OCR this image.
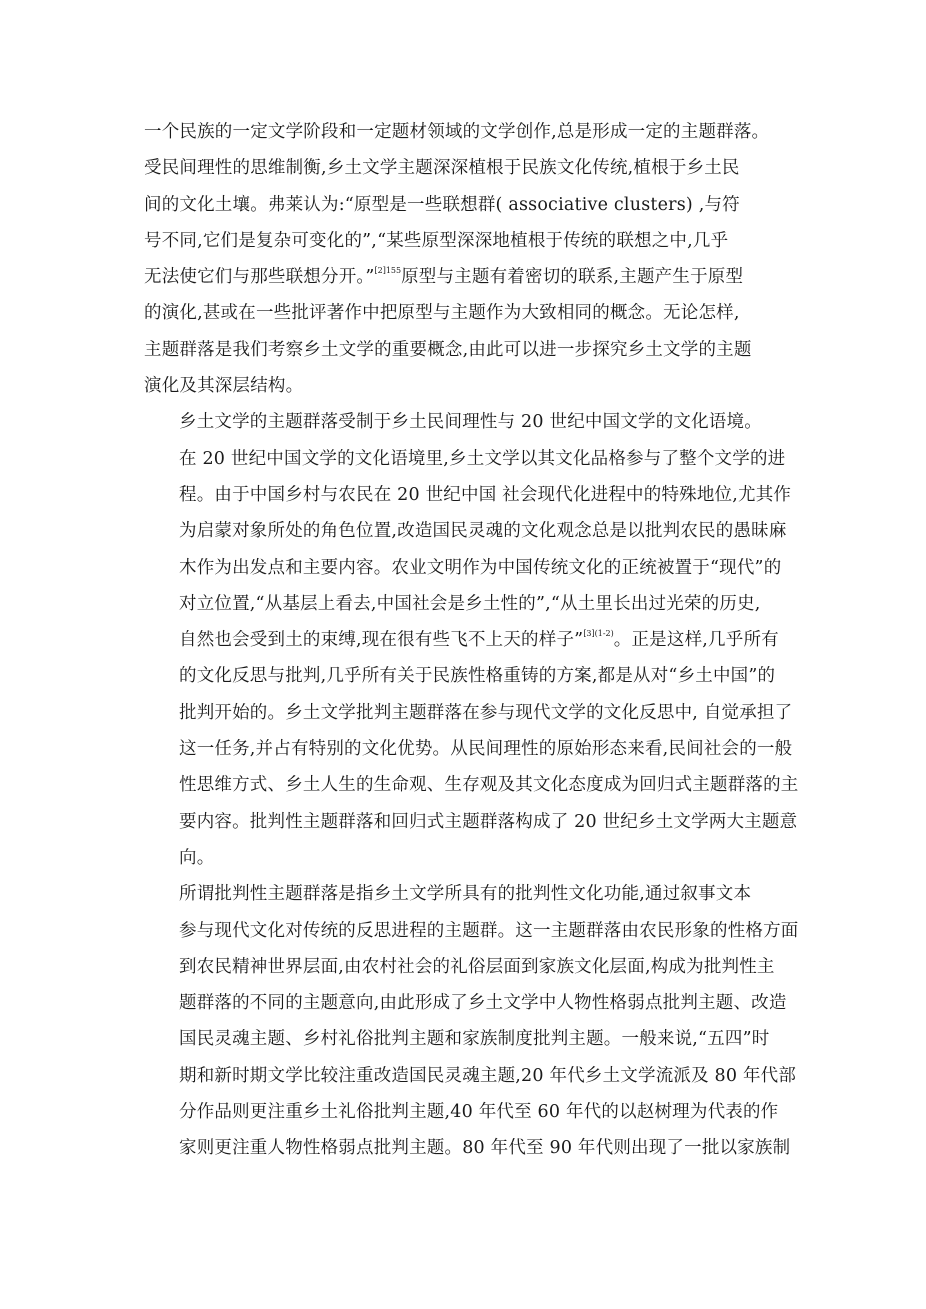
一个民族的一定文学阶段和一定题材领域的文学创作,总是形成一定的主题群落。
受民间理性的思维制衡,乡土文学主题深深植根于民族文化传统,植根于乡土民
间的文化土壤。弗莱认为:“原型是一些联想群( associative clusters) ,与符
号不同,它们是复杂可变化的”,“某些原型深深地植根于传统的联想之中,几乎
无法使它们与那些联想分开。”$^{[2]155}$原型与主题有着密切的联系,主题产生于原型
的演化,甚或在一些批评著作中把原型与主题作为大致相同的概念。无论怎样,
主题群落是我们考察乡土文学的重要概念,由此可以进一步探究乡土文学的主题
演化及其深层结构。
乡土文学的主题群落受制于乡土民间理性与 20 世纪中国文学的文化语境。
在 20 世纪中国文学的文化语境里,乡土文学以其文化品格参与了整个文学的进
程。由于中国乡村与农民在 20 世纪中国 社会现代化进程中的特殊地位,尤其作
为启蒙对象所处的角色位置,改造国民灵魂的文化观念总是以批判农民的愚昧麻
木作为出发点和主要内容。农业文明作为中国传统文化的正统被置于“现代”的
对立位置,“从基层上看去,中国社会是乡土性的”,“从土里长出过光荣的历史,
自然也会受到土的束缚,现在很有些飞不上天的样子”$^{[3](1-2)}$。正是这样,几乎所有
的文化反思与批判,几乎所有关于民族性格重铸的方案,都是从对“乡土中国”的
批判开始的。乡土文学批判主题群落在参与现代文学的文化反思中, 自觉承担了
这一任务,并占有特别的文化优势。从民间理性的原始形态来看,民间社会的一般
性思维方式、乡土人生的生命观、生存观及其文化态度成为回归式主题群落的主
要内容。批判性主题群落和回归式主题群落构成了 20 世纪乡土文学两大主题意
向。
所谓批判性主题群落是指乡土文学所具有的批判性文化功能,通过叙事文本
参与现代文化对传统的反思进程的主题群。这一主题群落由农民形象的性格方面
到农民精神世界层面,由农村社会的礼俗层面到家族文化层面,构成为批判性主
题群落的不同的主题意向,由此形成了乡土文学中人物性格弱点批判主题、改造
国民灵魂主题、乡村礼俗批判主题和家族制度批判主题。一般来说,“五四”时
期和新时期文学比较注重改造国民灵魂主题,20 年代乡土文学流派及 80 年代部
分作品则更注重乡土礼俗批判主题,40 年代至 60 年代的以赵树理为代表的作
家则更注重人物性格弱点批判主题。80 年代至 90 年代则出现了一批以家族制
